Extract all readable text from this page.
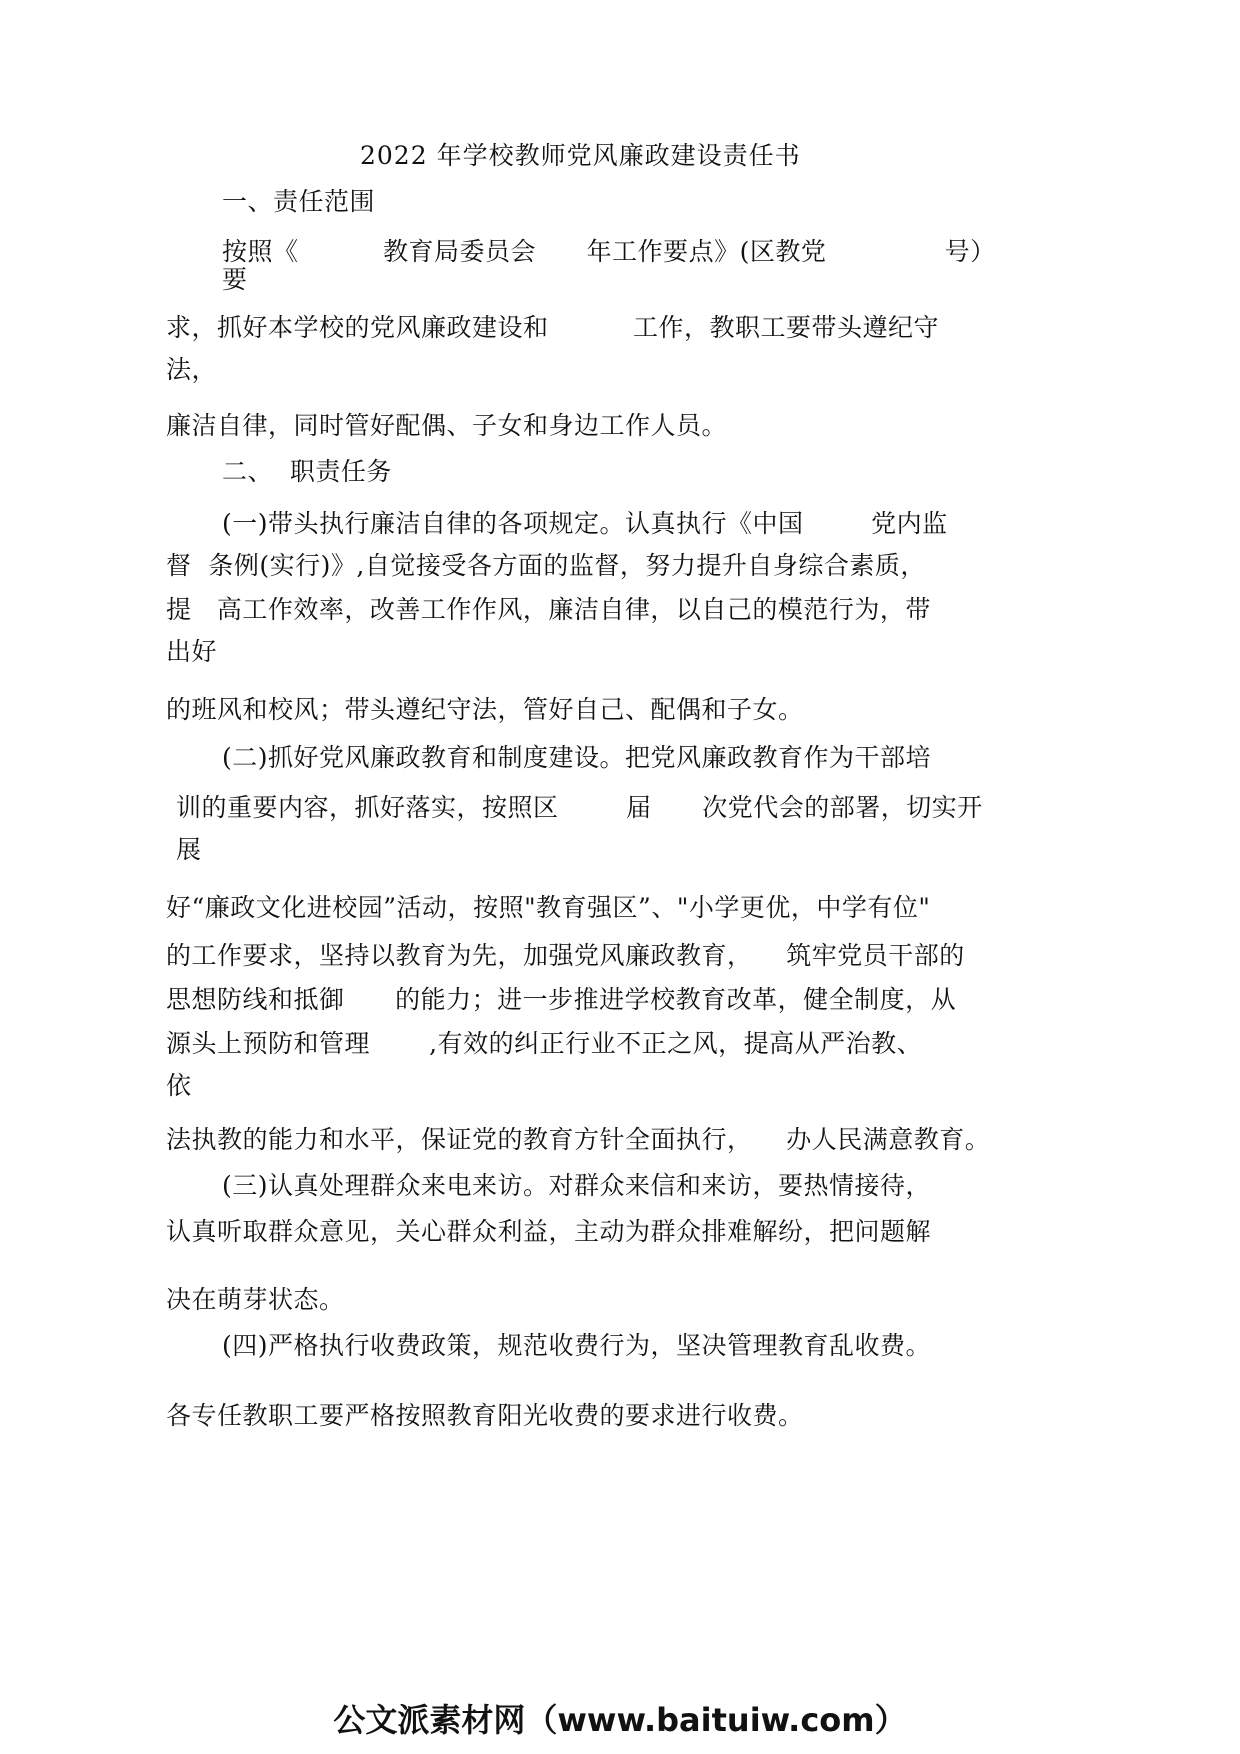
2022 年学校教师党风廉政建设责任书

一、责任范围

按照《          教育局委员会      年工作要点》(区教党              号）

要

求，抓好本学校的党风廉政建设和          工作，教职工要带头遵纪守

法，

廉洁自律，同时管好配偶、子女和身边工作人员。

二、  职责任务

(一)带头执行廉洁自律的各项规定。认真执行《中国        党内监

督  条例(实行)》,自觉接受各方面的监督，努力提升自身综合素质，

提   高工作效率，改善工作作风，廉洁自律，以自己的模范行为，带

出好

的班风和校风；带头遵纪守法，管好自己、配偶和子女。

(二)抓好党风廉政教育和制度建设。把党风廉政教育作为干部培

训的重要内容，抓好落实，按照区        届      次党代会的部署，切实开

展

好“廉政文化进校园”活动，按照"教育强区”、"小学更优，中学有位"

的工作要求，坚持以教育为先，加强党风廉政教育，    筑牢党员干部的

思想防线和抵御      的能力；进一步推进学校教育改革，健全制度，从

源头上预防和管理       ,有效的纠正行业不正之风，提高从严治教、

依

法执教的能力和水平，保证党的教育方针全面执行，    办人民满意教育。

(三)认真处理群众来电来访。对群众来信和来访，要热情接待，

认真听取群众意见，关心群众利益，主动为群众排难解纷，把问题解

决在萌芽状态。

(四)严格执行收费政策，规范收费行为，坚决管理教育乱收费。

各专任教职工要严格按照教育阳光收费的要求进行收费。

公文派素材网（www.baituiw.com）
